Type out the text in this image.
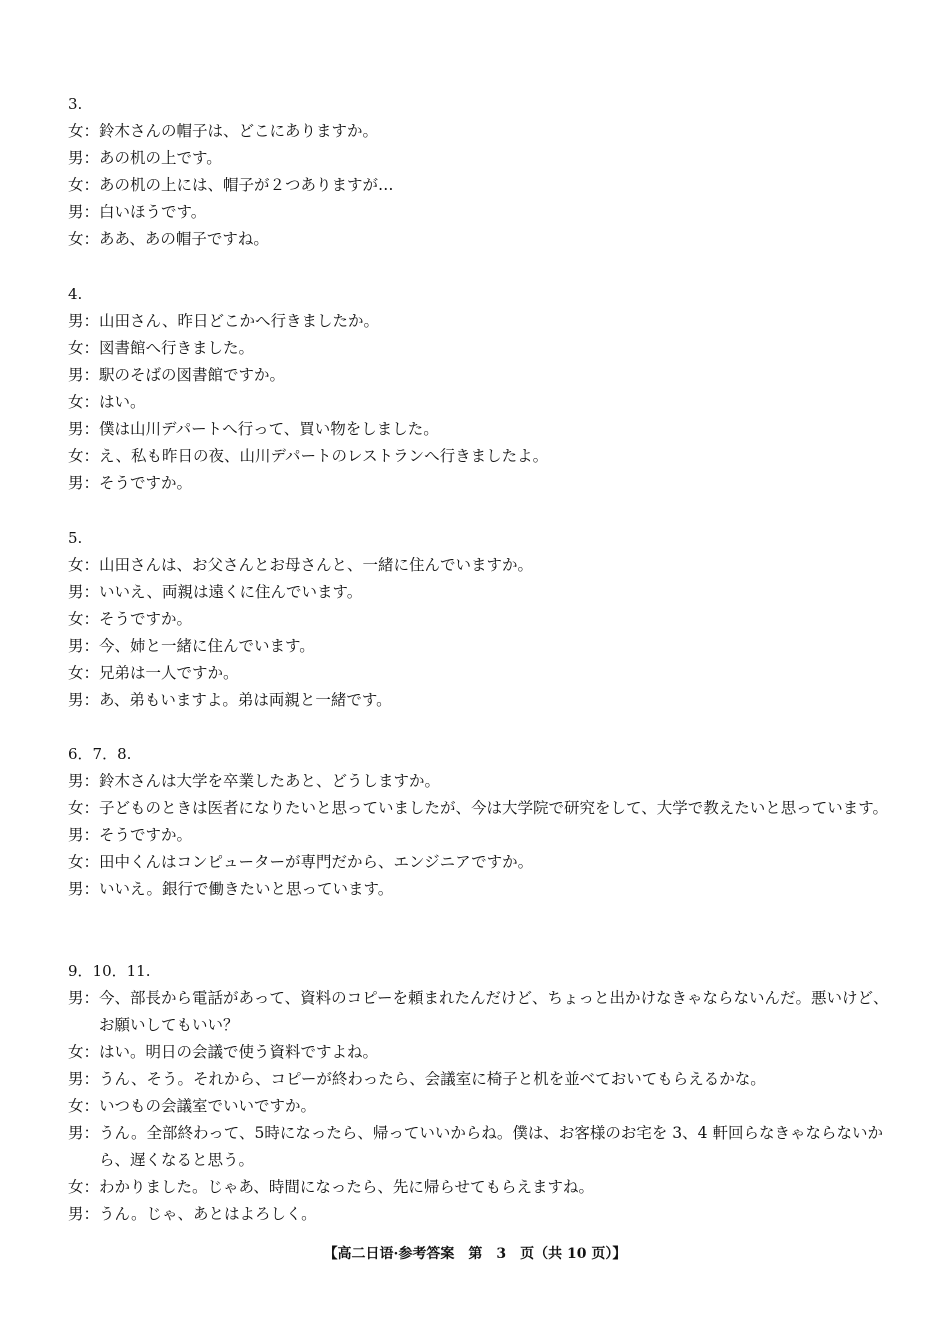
3.
女 ： 鈴木さんの帽子は、どこにありますか。
男 ： あの机の上です。
女 ： あの机の上には、帽子が２つありますが…
男 ： 白いほうです。
女 ： ああ、あの帽子ですね。
4.
男 ： 山田さん、昨日どこかへ行きましたか。
女 ： 図書館へ行きました。
男 ： 駅のそばの図書館ですか。
女 ： はい。
男 ： 僕は山川デパートへ行って、買い物をしました。
女 ： え、私も昨日の夜、山川デパートのレストランへ行きましたよ。
男 ： そうですか。
5.
女 ： 山田さんは、お父さんとお母さんと、一緒に住んでいますか。
男 ： いいえ、両親は遠くに住んでいます。
女 ： そうですか。
男 ： 今、姉と一緒に住んでいます。
女 ： 兄弟は一人ですか。
男 ： あ、弟もいますよ。弟は両親と一緒です。
6．7．8.
男 ： 鈴木さんは大学を卒業したあと、どうしますか。
女 ： 子どものときは医者になりたいと思っていましたが、今は大学院で研究をして、大学で教えたいと思っています。
男 ： そうですか。
女 ： 田中くんはコンピューターが専門だから、エンジニアですか。
男 ： いいえ。銀行で働きたいと思っています。
9．10．11.
男 ： 今、部長から電話があって、資料のコピーを頼まれたんだけど、ちょっと出かけなきゃならないんだ。悪いけど、お願いしてもいい？
女 ： はい。明日の会議で使う資料ですよね。
男 ： うん、そう。それから、コピーが終わったら、会議室に椅子と机を並べておいてもらえるかな。
女 ： いつもの会議室でいいですか。
男 ： うん。全部終わって、5時になったら、帰っていいからね。僕は、お客様のお宅を 3、4 軒回らなきゃならないから、遅くなると思う。
女 ： わかりました。じゃあ、時間になったら、先に帰らせてもらえますね。
男 ： うん。じゃ、あとはよろしく。
【高二日语·参考答案　第　3　页（共 10 页）】
